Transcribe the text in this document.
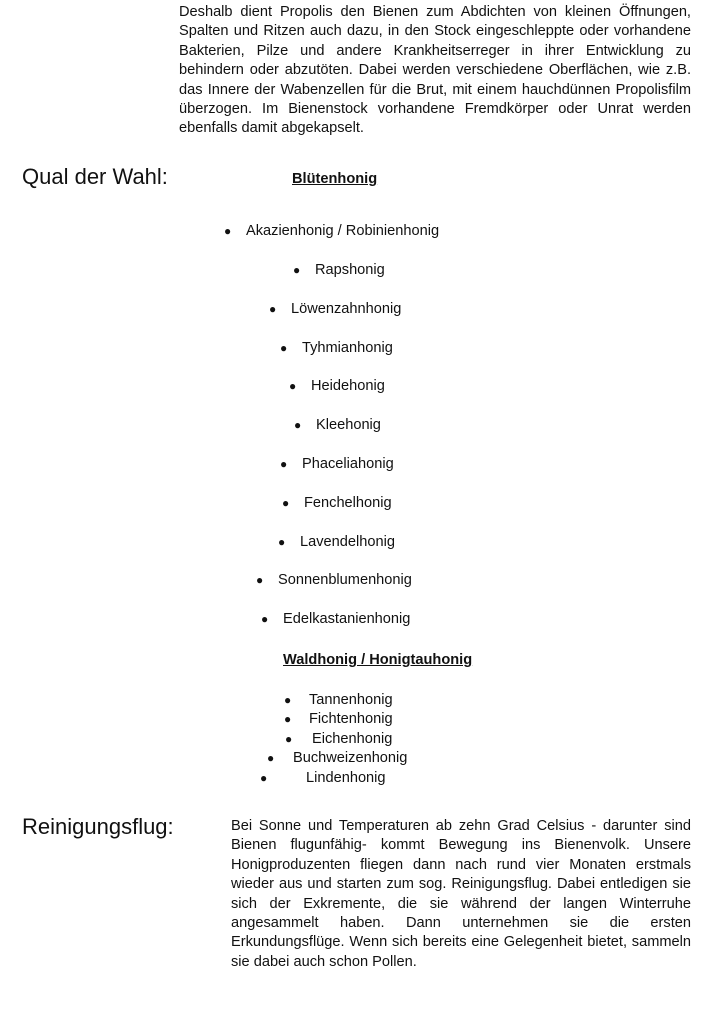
Deshalb dient Propolis den Bienen zum Abdichten von kleinen Öffnungen, Spalten und Ritzen auch dazu, in den Stock eingeschleppte oder vorhandene Bakterien, Pilze und andere Krankheitserreger in ihrer Entwicklung zu behindern oder abzutöten. Dabei werden verschiedene Oberflächen, wie z.B. das Innere der Wabenzellen für die Brut, mit einem hauchdünnen Propolisfilm überzogen. Im Bienenstock vorhandene Fremdkörper oder Unrat werden ebenfalls damit abgekapselt.

Qual der Wahl:	Blütenhonig
● Akazienhonig / Robinienhonig
● Rapshonig
● Löwenzahnhonig
● Tyhmianhonig
● Heidehonig
● Kleehonig
● Phaceliahonig
● Fenchelhonig
● Lavendelhonig
● Sonnenblumenhonig
● Edelkastanienhonig
Waldhonig / Honigtauhonig
● Tannenhonig
● Fichtenhonig
● Eichenhonig
● Buchweizenhonig
●	Lindenhonig
Reinigungsflug:	Bei Sonne und Temperaturen ab zehn Grad Celsius - darunter sind Bienen flugunfähig- kommt Bewegung ins Bienenvolk. Unsere Honigproduzenten fliegen dann nach rund vier Monaten erstmals wieder aus und starten zum sog. Reinigungsflug. Dabei entledigen sie sich der Exkremente, die sie während der langen Winterruhe angesammelt haben. Dann unternehmen sie die ersten Erkundungsflüge. Wenn sich bereits eine Gelegenheit bietet, sammeln sie dabei auch schon Pollen.
